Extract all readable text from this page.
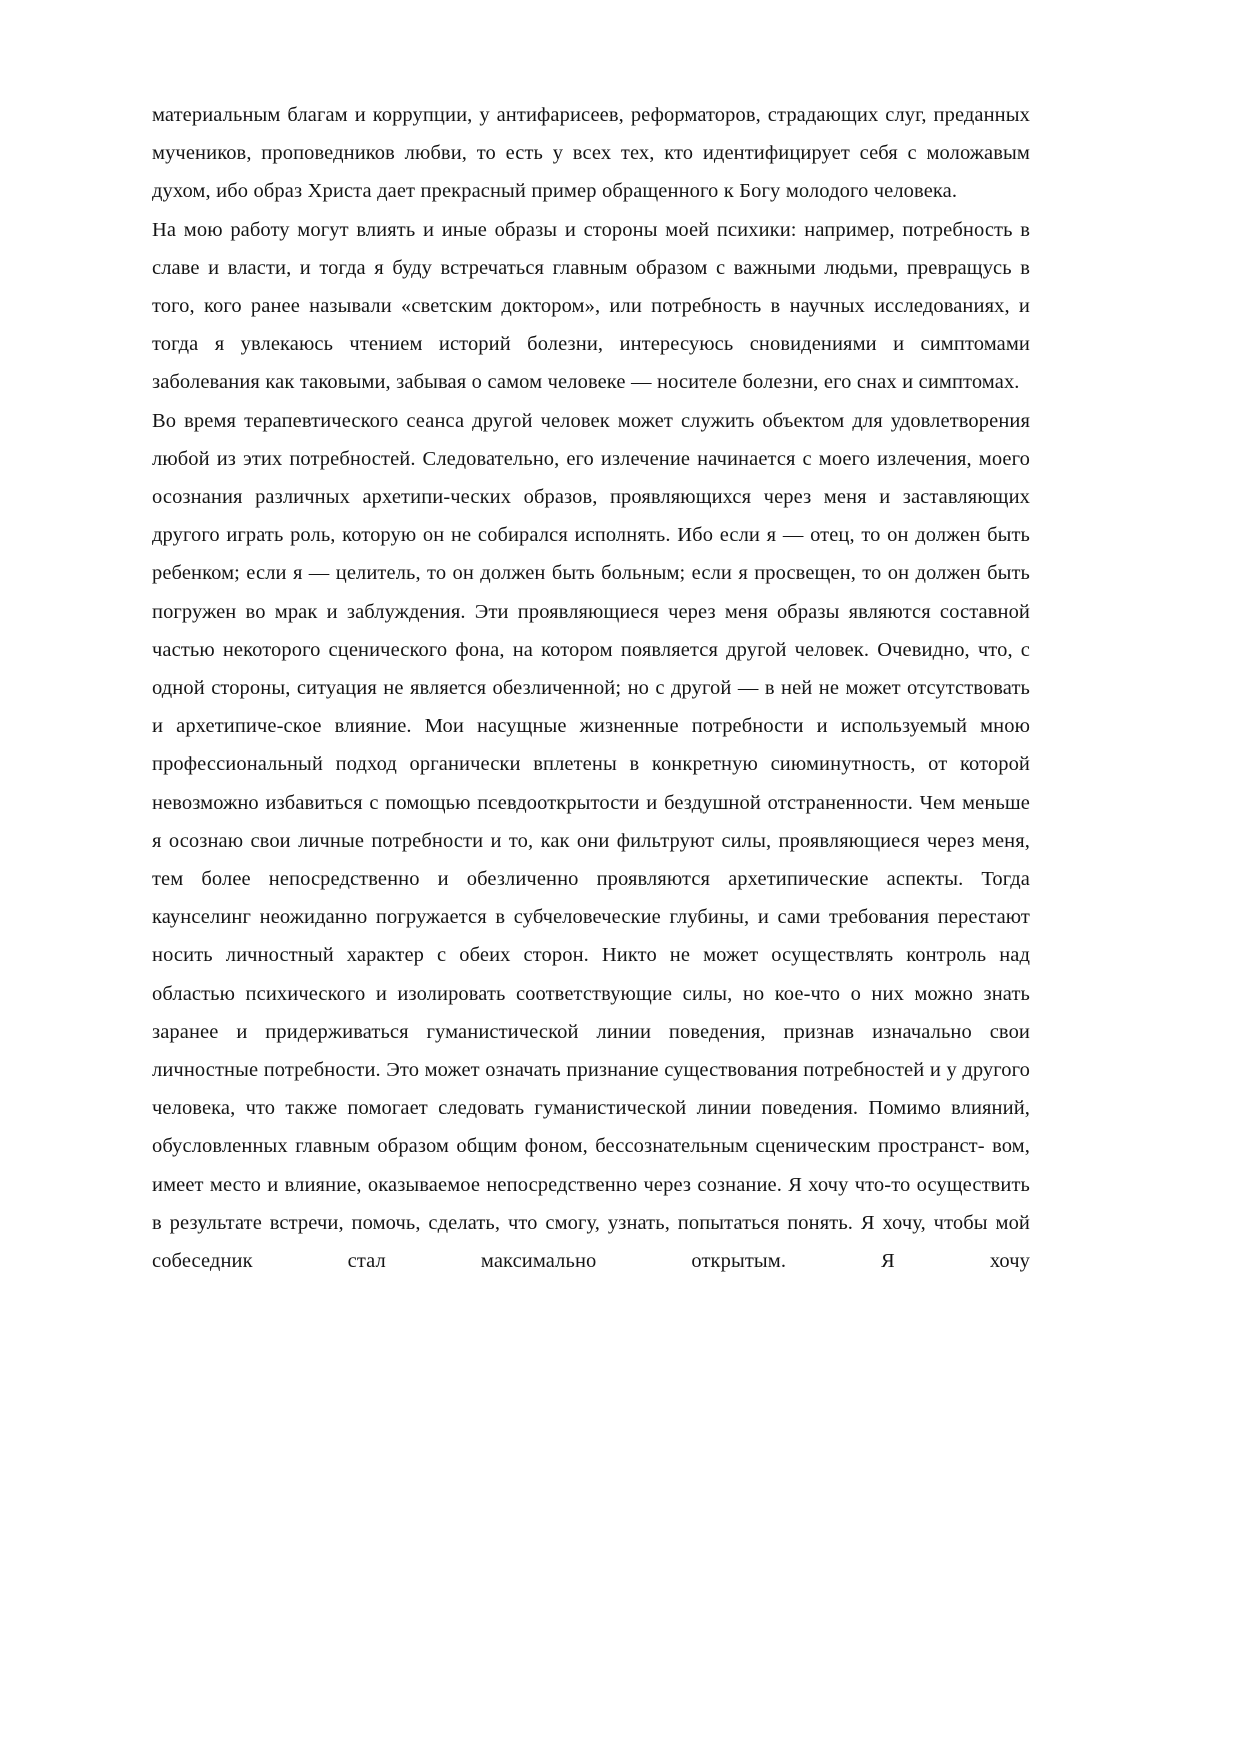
материальным благам и коррупции, у антифарисеев, реформаторов, страдающих слуг, преданных мучеников, проповедников любви, то есть у всех тех, кто идентифицирует себя с моложавым духом, ибо образ Христа дает прекрасный пример обращенного к Богу молодого человека.

На мою работу могут влиять и иные образы и стороны моей психики: например, потребность в славе и власти, и тогда я буду встречаться главным образом с важными людьми, превращусь в того, кого ранее называли «светским доктором», или потребность в научных исследованиях, и тогда я увлекаюсь чтением историй болезни, интересуюсь сновидениями и симптомами заболевания как таковыми, забывая о самом человеке — носителе болезни, его снах и симптомах.

Во время терапевтического сеанса другой человек может служить объектом для удовлетворения любой из этих потребностей. Следовательно, его излечение начинается с моего излечения, моего осознания различных архетипи-ческих образов, проявляющихся через меня и заставляющих другого играть роль, которую он не собирался исполнять. Ибо если я — отец, то он должен быть ребенком; если я — целитель, то он должен быть больным; если я просвещен, то он должен быть погружен во мрак и заблуждения. Эти проявляющиеся через меня образы являются составной частью некоторого сценического фона, на котором появляется другой человек. Очевидно, что, с одной стороны, ситуация не является обезличенной; но с другой — в ней не может отсутствовать и архетипиче-ское влияние. Мои насущные жизненные потребности и используемый мною профессиональный подход органически вплетены в конкретную сиюминутность, от которой невозможно избавиться с помощью псевдооткрытости и бездушной отстраненности. Чем меньше я осознаю свои личные потребности и то, как они фильтруют силы, проявляющиеся через меня, тем более непосредственно и обезличенно проявляются архетипические аспекты. Тогда каунселинг неожиданно погружается в субчеловеческие глубины, и сами требования перестают носить личностный характер с обеих сторон. Никто не может осуществлять контроль над областью психического и изолировать соответствующие силы, но кое-что о них можно знать заранее и придерживаться гуманистической линии поведения, признав изначально свои личностные потребности. Это может означать признание существования потребностей и у другого человека, что также помогает следовать гуманистической линии поведения. Помимо влияний, обусловленных главным образом общим фоном, бессознательным сценическим пространст- вом, имеет место и влияние, оказываемое непосредственно через сознание. Я хочу что-то осуществить в результате встречи, помочь, сделать, что смогу, узнать, попытаться понять. Я хочу, чтобы мой собеседник стал максимально открытым. Я хочу
